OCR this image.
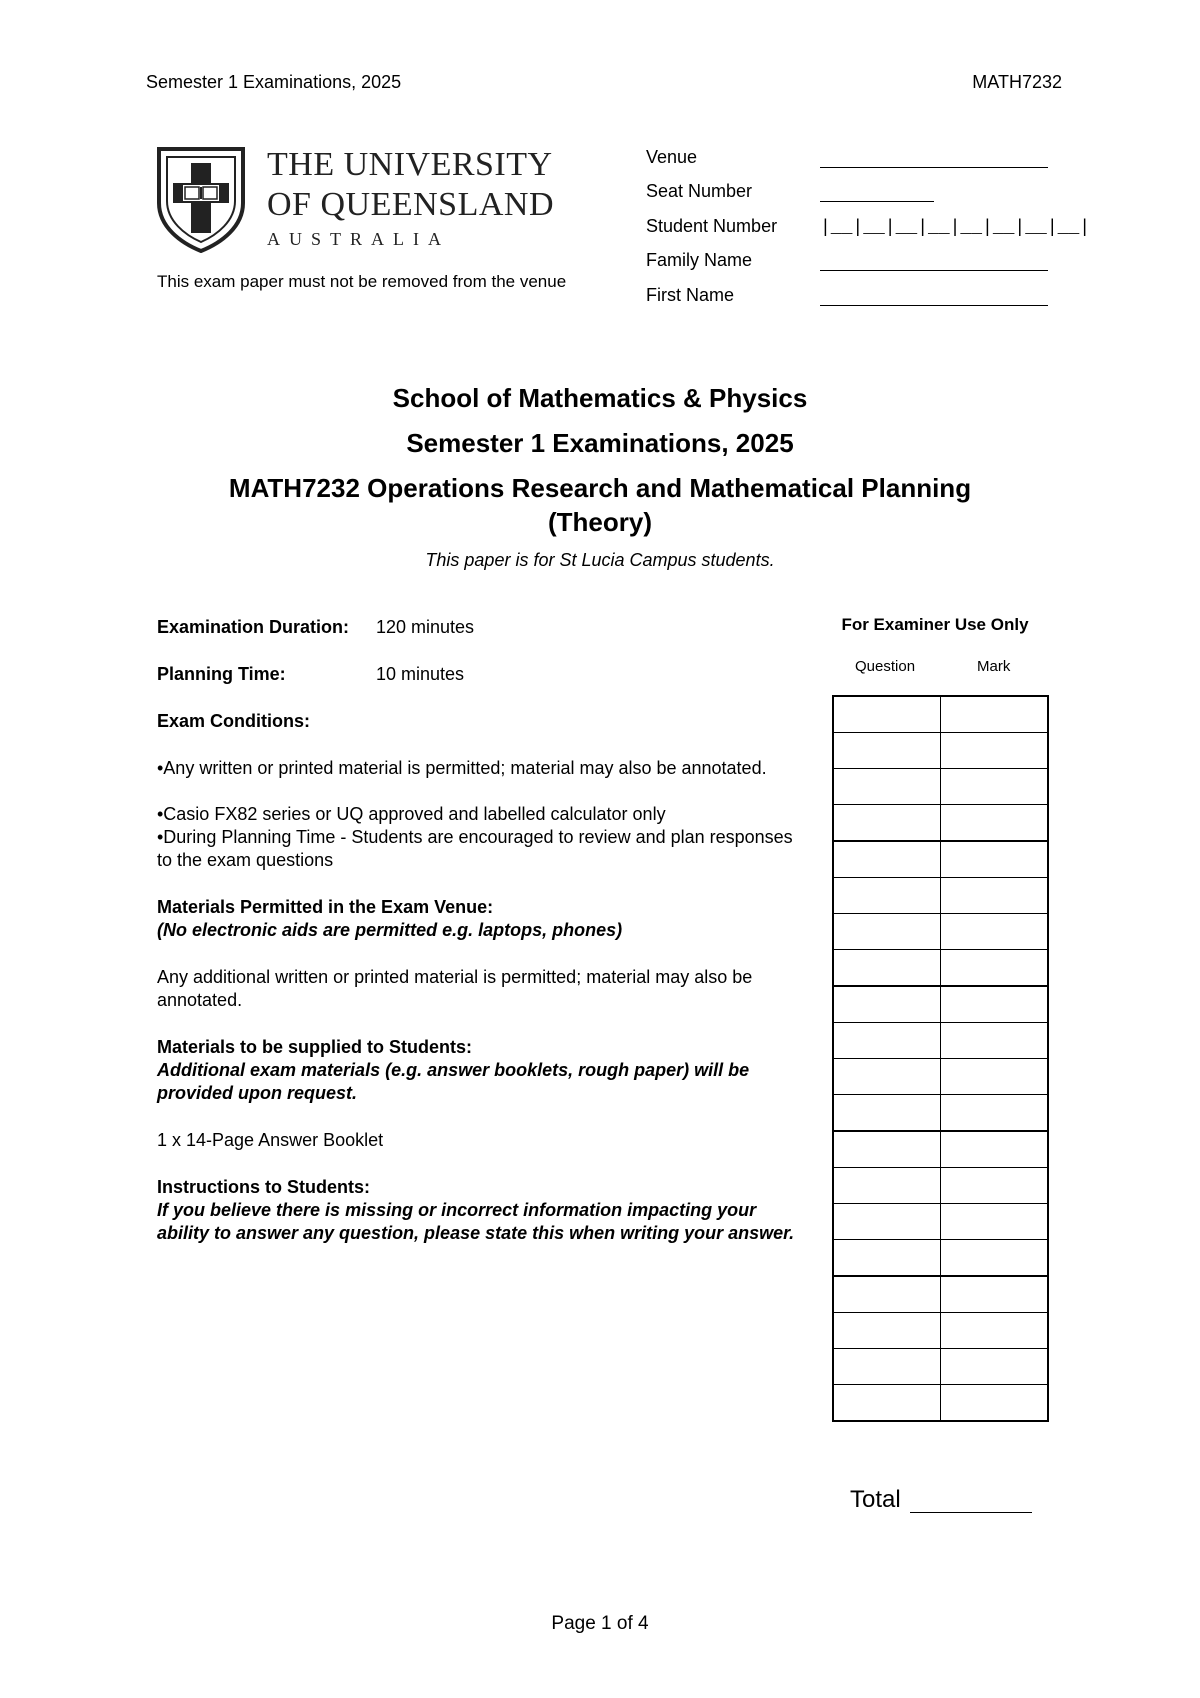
Semester 1 Examinations, 2025	MATH7232
THE UNIVERSITY
OF QUEENSLAND
AUSTRALIA
This exam paper must not be removed from the venue
Venue
Seat Number
Student Number |__|__|__|__|__|__|__|__|
Family Name
First Name
School of Mathematics & Physics
Semester 1 Examinations, 2025
MATH7232 Operations Research and Mathematical Planning
(Theory)
This paper is for St Lucia Campus students.
Examination Duration: 120 minutes
Planning Time:	10 minutes
Exam Conditions:
•Any written or printed material is permitted; material may also be annotated.
•Casio FX82 series or UQ approved and labelled calculator only
•During Planning Time - Students are encouraged to review and plan responses to the exam questions
Materials Permitted in the Exam Venue:
(No electronic aids are permitted e.g. laptops, phones)
Any additional written or printed material is permitted; material may also be annotated.
Materials to be supplied to Students:
Additional exam materials (e.g. answer booklets, rough paper) will be provided upon request.
1 x 14-Page Answer Booklet
Instructions to Students:
If you believe there is missing or incorrect information impacting your ability to answer any question, please state this when writing your answer.
For Examiner Use Only
Question	Mark

Total
Page 1 of 4
